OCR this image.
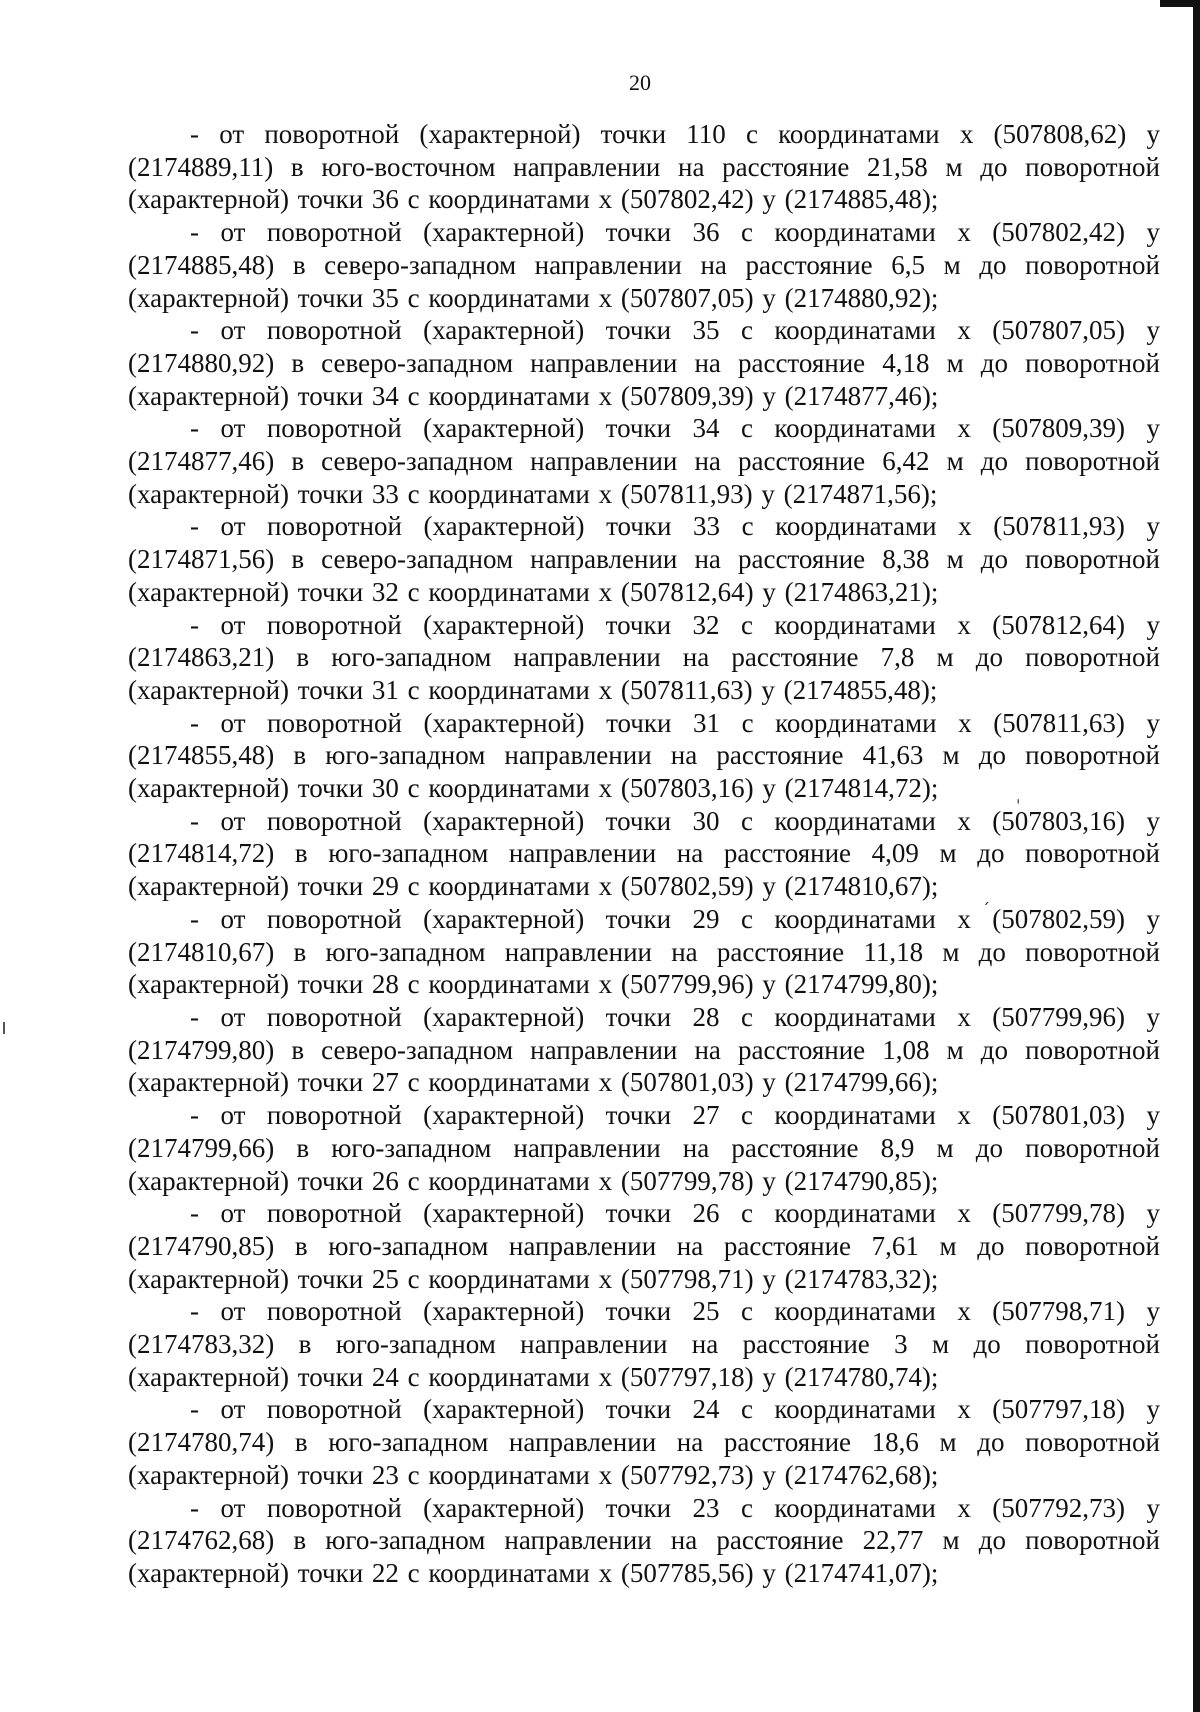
20

- от поворотной (характерной) точки 110 с координатами х (507808,62) у (2174889,11) в юго-восточном направлении на расстояние 21,58 м до поворотной (характерной) точки 36 с координатами х (507802,42) у (2174885,48);

- от поворотной (характерной) точки 36 с координатами х (507802,42) у (2174885,48) в северо-западном направлении на расстояние 6,5 м до поворотной (характерной) точки 35 с координатами х (507807,05) у (2174880,92);

- от поворотной (характерной) точки 35 с координатами х (507807,05) у (2174880,92) в северо-западном направлении на расстояние 4,18 м до поворотной (характерной) точки 34 с координатами х (507809,39) у (2174877,46);

- от поворотной (характерной) точки 34 с координатами х (507809,39) у (2174877,46) в северо-западном направлении на расстояние 6,42 м до поворотной (характерной) точки 33 с координатами х (507811,93) у (2174871,56);

- от поворотной (характерной) точки 33 с координатами х (507811,93) у (2174871,56) в северо-западном направлении на расстояние 8,38 м до поворотной (характерной) точки 32 с координатами х (507812,64) у (2174863,21);

- от поворотной (характерной) точки 32 с координатами х (507812,64) у (2174863,21) в юго-западном направлении на расстояние 7,8 м до поворотной (характерной) точки 31 с координатами х (507811,63) у (2174855,48);

- от поворотной (характерной) точки 31 с координатами х (507811,63) у (2174855,48) в юго-западном направлении на расстояние 41,63 м до поворотной (характерной) точки 30 с координатами х (507803,16) у (2174814,72);

- от поворотной (характерной) точки 30 с координатами х (507803,16) у (2174814,72) в юго-западном направлении на расстояние 4,09 м до поворотной (характерной) точки 29 с координатами х (507802,59) у (2174810,67);

- от поворотной (характерной) точки 29 с координатами х (507802,59) у (2174810,67) в юго-западном направлении на расстояние 11,18 м до поворотной (характерной) точки 28 с координатами х (507799,96) у (2174799,80);

- от поворотной (характерной) точки 28 с координатами х (507799,96) у (2174799,80) в северо-западном направлении на расстояние 1,08 м до поворотной (характерной) точки 27 с координатами х (507801,03) у (2174799,66);

- от поворотной (характерной) точки 27 с координатами х (507801,03) у (2174799,66) в юго-западном направлении на расстояние 8,9 м до поворотной (характерной) точки 26 с координатами х (507799,78) у (2174790,85);

- от поворотной (характерной) точки 26 с координатами х (507799,78) у (2174790,85) в юго-западном направлении на расстояние 7,61 м до поворотной (характерной) точки 25 с координатами х (507798,71) у (2174783,32);

- от поворотной (характерной) точки 25 с координатами х (507798,71) у (2174783,32) в юго-западном направлении на расстояние 3 м до поворотной (характерной) точки 24 с координатами х (507797,18) у (2174780,74);

- от поворотной (характерной) точки 24 с координатами х (507797,18) у (2174780,74) в юго-западном направлении на расстояние 18,6 м до поворотной (характерной) точки 23 с координатами х (507792,73) у (2174762,68);

- от поворотной (характерной) точки 23 с координатами х (507792,73) у (2174762,68) в юго-западном направлении на расстояние 22,77 м до поворотной (характерной) точки 22 с координатами х (507785,56) у (2174741,07);

ˌ
ˏ
